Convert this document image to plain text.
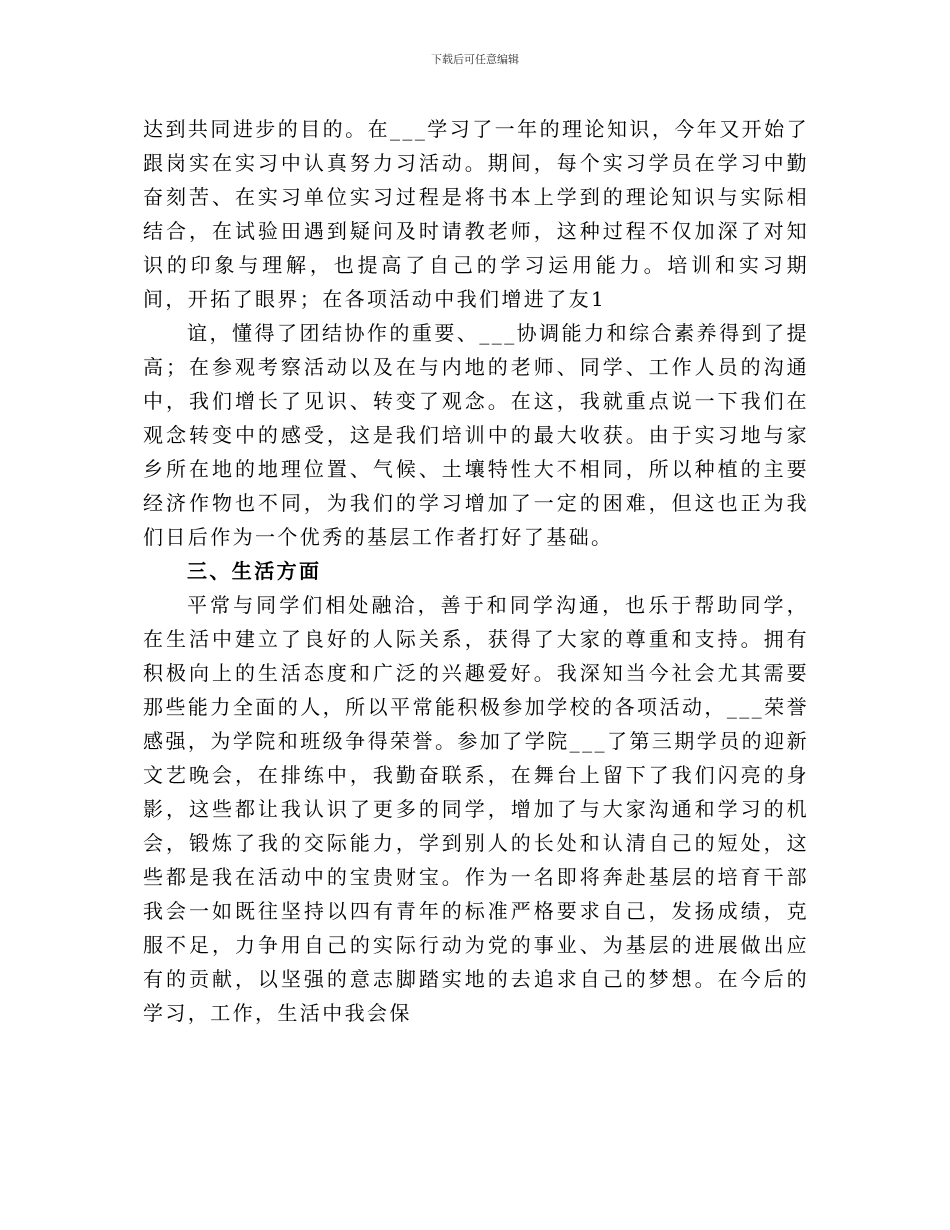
下载后可任意编辑

达到共同进步的目的。在___学习了一年的理论知识，今年又开始了跟岗实在实习中认真努力习活动。期间，每个实习学员在学习中勤奋刻苦、在实习单位实习过程是将书本上学到的理论知识与实际相结合，在试验田遇到疑问及时请教老师，这种过程不仅加深了对知识的印象与理解，也提高了自己的学习运用能力。培训和实习期间，开拓了眼界；在各项活动中我们增进了友1

谊，懂得了团结协作的重要、___协调能力和综合素养得到了提高；在参观考察活动以及在与内地的老师、同学、工作人员的沟通中，我们增长了见识、转变了观念。在这，我就重点说一下我们在观念转变中的感受，这是我们培训中的最大收获。由于实习地与家乡所在地的地理位置、气候、土壤特性大不相同，所以种植的主要经济作物也不同，为我们的学习增加了一定的困难，但这也正为我们日后作为一个优秀的基层工作者打好了基础。

三、生活方面

平常与同学们相处融洽，善于和同学沟通，也乐于帮助同学，在生活中建立了良好的人际关系，获得了大家的尊重和支持。拥有积极向上的生活态度和广泛的兴趣爱好。我深知当今社会尤其需要那些能力全面的人，所以平常能积极参加学校的各项活动，___荣誉感强，为学院和班级争得荣誉。参加了学院___了第三期学员的迎新文艺晚会，在排练中，我勤奋联系，在舞台上留下了我们闪亮的身影，这些都让我认识了更多的同学，增加了与大家沟通和学习的机会，锻炼了我的交际能力，学到别人的长处和认清自己的短处，这些都是我在活动中的宝贵财宝。作为一名即将奔赴基层的培育干部我会一如既往坚持以四有青年的标准严格要求自己，发扬成绩，克服不足，力争用自己的实际行动为党的事业、为基层的进展做出应有的贡献，以坚强的意志脚踏实地的去追求自己的梦想。在今后的学习，工作，生活中我会保
